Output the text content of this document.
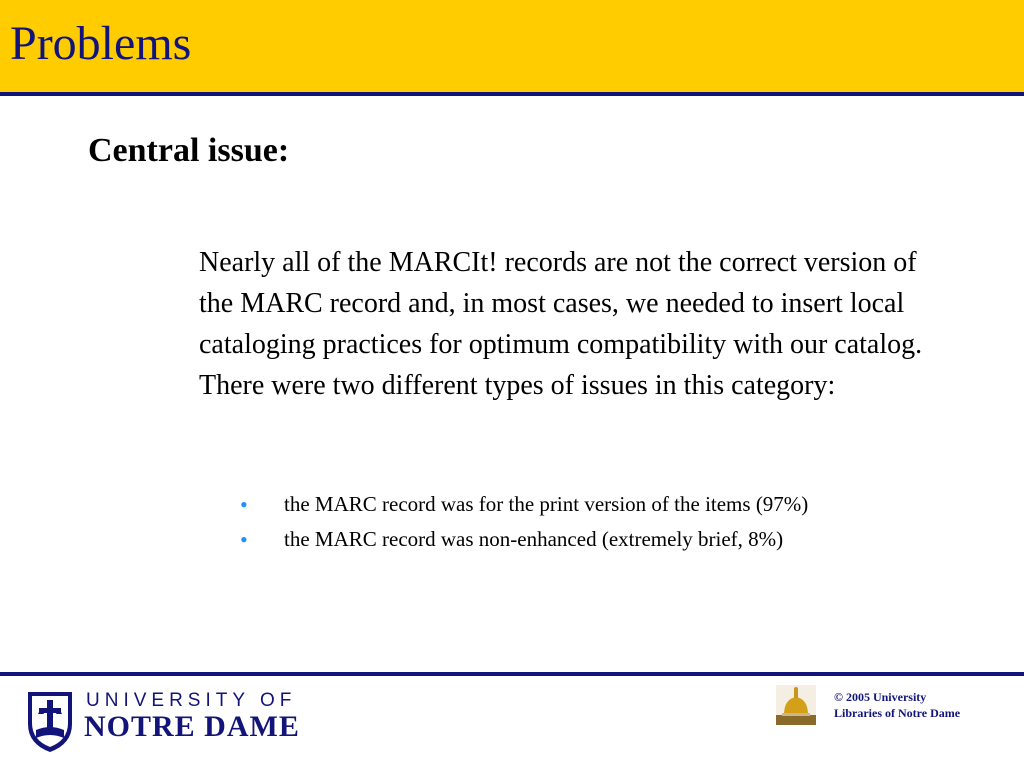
Problems
Central issue:
Nearly all of the MARCIt! records are not the correct version of the MARC record and, in most cases, we needed to insert local cataloging practices for optimum compatibility with our catalog. There were two different types of issues in this category:
• the MARC record was for the print version of the items (97%)
• the MARC record was non-enhanced (extremely brief, 8%)
UNIVERSITY OF
NOTRE DAME
© 2005 University
Libraries of Notre Dame
